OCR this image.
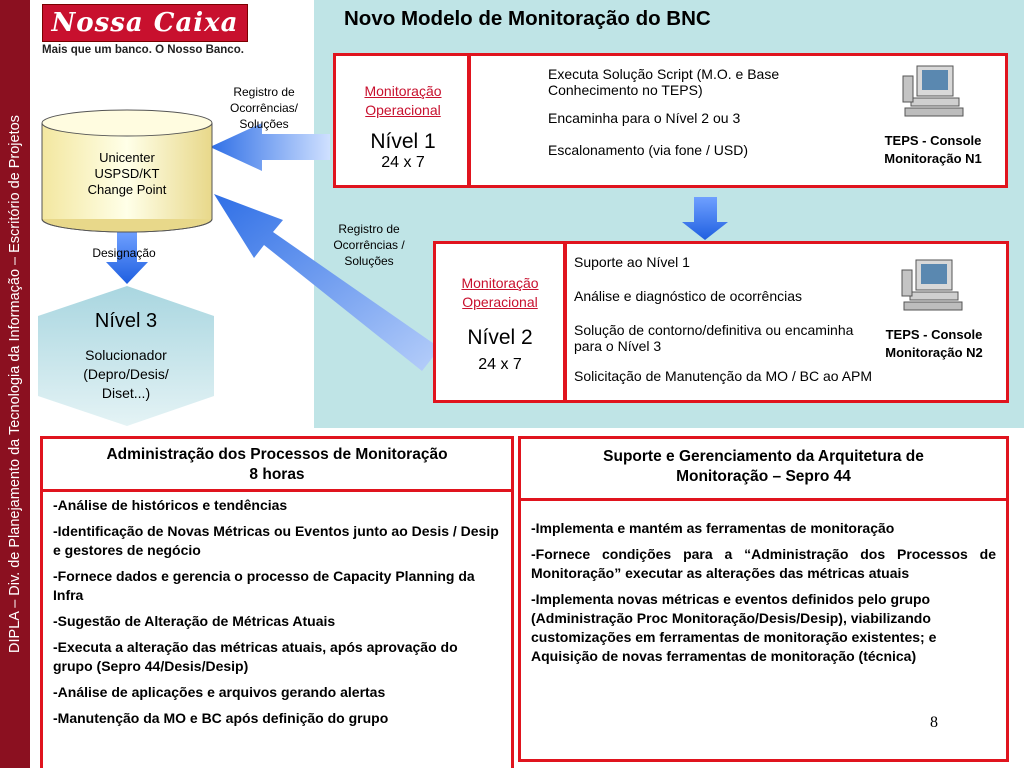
DIPLA – Div. de Planejamento da Tecnologia da Informação – Escritório de Projetos
Nossa Caixa
Mais que um banco. O Nosso Banco.
Novo Modelo de Monitoração do BNC
Unicenter
USPSD/KT
Change Point
Registro de
Ocorrências/
Soluções
Registro de
Ocorrências /
Soluções
Designação
Nível 3
Solucionador
(Depro/Desis/
Diset...)
Monitoração
Operacional
Nível 1
24 x 7
Executa Solução Script (M.O. e Base Conhecimento no TEPS)
Encaminha para o Nível 2 ou 3
Escalonamento (via fone / USD)
TEPS - Console
Monitoração N1
Monitoração
Operacional
Nível 2
24 x 7
Suporte ao Nível 1
Análise e diagnóstico de ocorrências
Solução de contorno/definitiva ou encaminha para o Nível 3
Solicitação de Manutenção da MO / BC ao APM
TEPS - Console
Monitoração N2
Administração dos Processos de Monitoração
8 horas

-Análise de históricos e tendências

-Identificação de Novas Métricas ou Eventos junto ao Desis / Desip e gestores de negócio

-Fornece dados e gerencia o processo de Capacity Planning da Infra

-Sugestão de Alteração de Métricas Atuais

-Executa a alteração das métricas atuais, após aprovação do grupo (Sepro 44/Desis/Desip)

-Análise de aplicações e arquivos gerando alertas

-Manutenção da MO e BC após definição do grupo

Suporte e Gerenciamento da Arquitetura de
Monitoração – Sepro 44

-Implementa e mantém as ferramentas de monitoração

-Fornece condições para a “Administração dos Processos de Monitoração” executar as alterações das métricas atuais

-Implementa novas métricas e eventos definidos pelo grupo (Administração Proc Monitoração/Desis/Desip), viabilizando customizações em ferramentas de monitoração existentes; e Aquisição de novas ferramentas de monitoração (técnica)

8
